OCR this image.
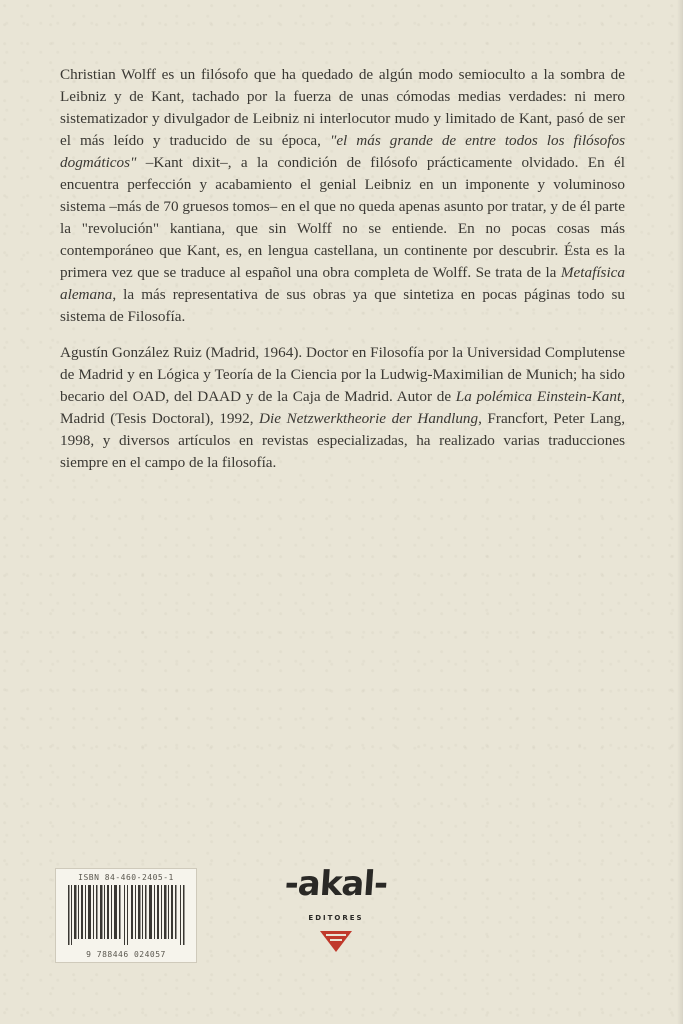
Christian Wolff es un filósofo que ha quedado de algún modo semioculto a la sombra de Leibniz y de Kant, tachado por la fuerza de unas cómodas medias verdades: ni mero sistematizador y divulgador de Leibniz ni interlocutor mudo y limitado de Kant, pasó de ser el más leído y traducido de su época, "el más grande de entre todos los filósofos dogmáticos" –Kant dixit–, a la condición de filósofo prácticamente olvidado. En él encuentra perfección y acabamiento el genial Leibniz en un imponente y voluminoso sistema –más de 70 gruesos tomos– en el que no queda apenas asunto por tratar, y de él parte la "revolución" kantiana, que sin Wolff no se entiende. En no pocas cosas más contemporáneo que Kant, es, en lengua castellana, un continente por descubrir. Ésta es la primera vez que se traduce al español una obra completa de Wolff. Se trata de la Metafísica alemana, la más representativa de sus obras ya que sintetiza en pocas páginas todo su sistema de Filosofía.

Agustín González Ruiz (Madrid, 1964). Doctor en Filosofía por la Universidad Complutense de Madrid y en Lógica y Teoría de la Ciencia por la Ludwig-Maximilian de Munich; ha sido becario del OAD, del DAAD y de la Caja de Madrid. Autor de La polémica Einstein-Kant, Madrid (Tesis Doctoral), 1992, Die Netzwerktheorie der Handlung, Francfort, Peter Lang, 1998, y diversos artículos en revistas especializadas, ha realizado varias traducciones siempre en el campo de la filosofía.

ISBN 84-460-2405-1
9 788446 024057
-akal-
EDITORES
